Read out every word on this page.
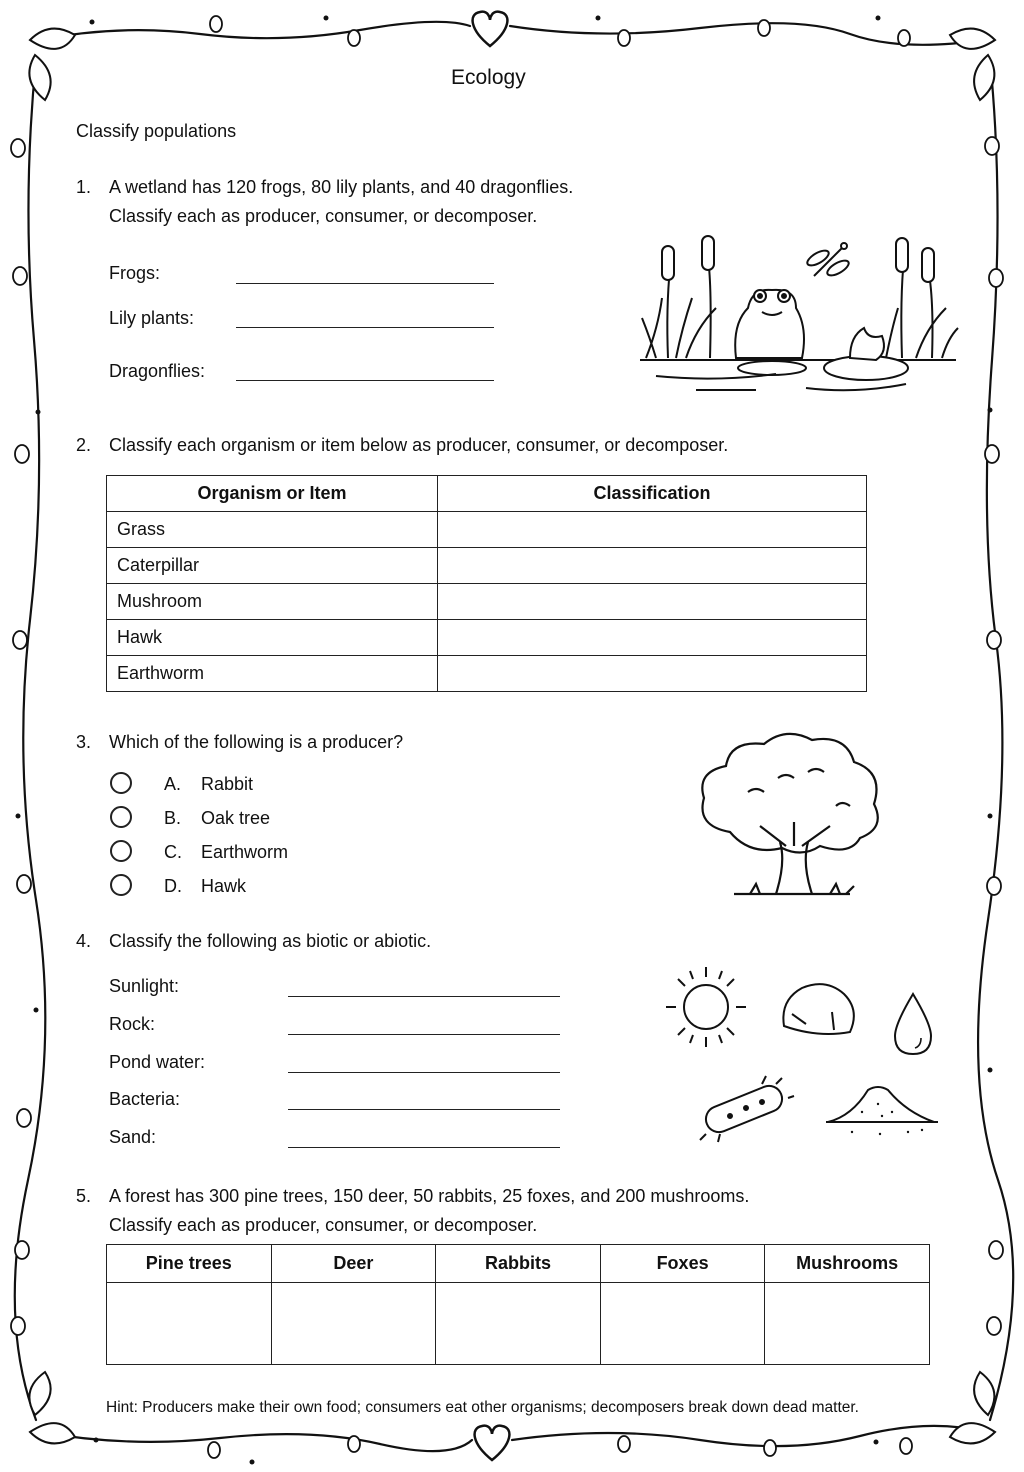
Ecology
Classify populations
1. A wetland has 120 frogs, 80 lily plants, and 40 dragonflies.
Classify each as producer, consumer, or decomposer.
Frogs:
Lily plants:
Dragonflies:
2. Classify each organism or item below as producer, consumer, or decomposer.
Organism or Item	Classification
Grass	
Caterpillar	
Mushroom	
Hawk	
Earthworm	
3. Which of the following is a producer?
A. Rabbit
B. Oak tree
C. Earthworm
D. Hawk
4. Classify the following as biotic or abiotic.
Sunlight:
Rock:
Pond water:
Bacteria:
Sand:
5. A forest has 300 pine trees, 150 deer, 50 rabbits, 25 foxes, and 200 mushrooms.
Classify each as producer, consumer, or decomposer.
Pine trees	Deer	Rabbits	Foxes	Mushrooms

Hint: Producers make their own food; consumers eat other organisms; decomposers break down dead matter.
